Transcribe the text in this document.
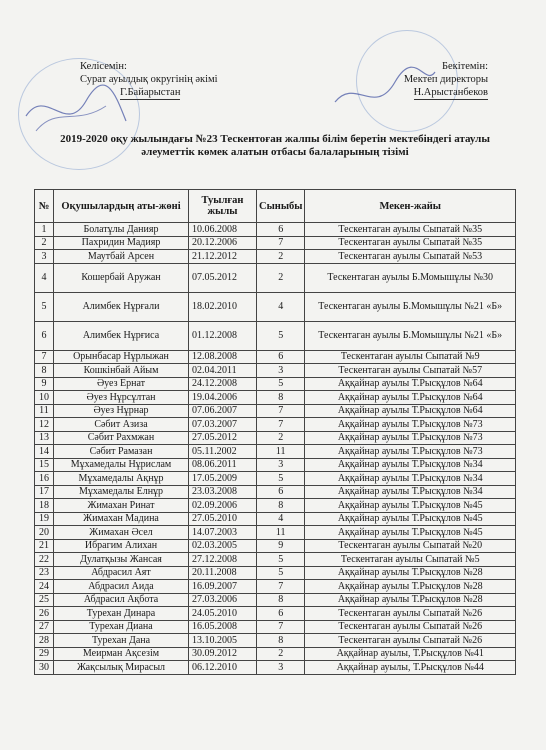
Келісемін:
Сурат ауылдық округінің әкімі
Г.Байарыстан
Бекітемін:
Мектеп директоры
Н.Арыстанбеков
2019-2020 оқу жылындағы №23 Тескентоған жалпы білім беретін мектебіндегі атаулы әлеуметтік көмек алатын отбасы балаларының тізімі
№	Оқушылардың аты-жөні	Туылған жылы	Сыныбы	Мекен-жайы
1	Болатұлы Данияр	10.06.2008	6	Тескентаган ауылы Сыпатай №35
2	Пахридин Мадияр	20.12.2006	7	Тескентаган ауылы Сыпатай №35
3	Маутбай Арсен	21.12.2012	2	Тескентаган ауылы Сыпатай №53
4	Кошербай Аружан	07.05.2012	2	Тескентаган ауылы Б.Момышұлы №30
5	Алимбек Нұрғали	18.02.2010	4	Тескентаган ауылы Б.Момышұлы №21 «Б»
6	Алимбек Нұрғиса	01.12.2008	5	Тескентаган ауылы Б.Момышұлы №21 «Б»
7	Орынбасар Нұрлыжан	12.08.2008	6	Тескентаган ауылы Сыпатай №9
8	Кошкінбай Айым	02.04.2011	3	Тескентаган ауылы Сыпатай №57
9	Әуез Ернат	24.12.2008	5	Аққайнар ауылы Т.Рысқұлов №64
10	Әуез Нұрсұлтан	19.04.2006	8	Аққайнар ауылы Т.Рысқұлов №64
11	Әуез Нұрнар	07.06.2007	7	Аққайнар ауылы Т.Рысқұлов №64
12	Сәбит Азиза	07.03.2007	7	Аққайнар ауылы Т.Рысқұлов №73
13	Сәбит Рахмжан	27.05.2012	2	Аққайнар ауылы Т.Рысқұлов №73
14	Сәбит Рамазан	05.11.2002	11	Аққайнар ауылы Т.Рысқұлов №73
15	Мұхамедалы Нұрислам	08.06.2011	3	Аққайнар ауылы Т.Рысқұлов №34
16	Мұхамедалы Ақнұр	17.05.2009	5	Аққайнар ауылы Т.Рысқұлов №34
17	Мұхамедалы Елнұр	23.03.2008	6	Аққайнар ауылы Т.Рысқұлов №34
18	Жимахан Ринат	02.09.2006	8	Аққайнар ауылы Т.Рысқұлов №45
19	Жимахан Мадина	27.05.2010	4	Аққайнар ауылы Т.Рысқұлов №45
20	Жимахан Әсел	14.07.2003	11	Аққайнар ауылы Т.Рысқұлов №45
21	Ибрагим Алихан	02.03.2005	9	Тескентаган ауылы Сыпатай №20
22	Дулатқызы Жансая	27.12.2008	5	Тескентаган ауылы Сыпатай №5
23	Абдрасил Аят	20.11.2008	5	Аққайнар ауылы Т.Рысқұлов №28
24	Абдрасил Аида	16.09.2007	7	Аққайнар ауылы Т.Рысқұлов №28
25	Абдрасил Ақбота	27.03.2006	8	Аққайнар ауылы Т.Рысқұлов №28
26	Турехан Динара	24.05.2010	6	Тескентаган ауылы Сыпатай №26
27	Турехан Диана	16.05.2008	7	Тескентаган ауылы Сыпатай №26
28	Турехан Дана	13.10.2005	8	Тескентаган ауылы Сыпатай №26
29	Меирман Ақсезім	30.09.2012	2	Аққайнар ауылы, Т.Рысқұлов №41
30	Жақсылық Мирасыл	06.12.2010	3	Аққайнар ауылы, Т.Рысқұлов №44
